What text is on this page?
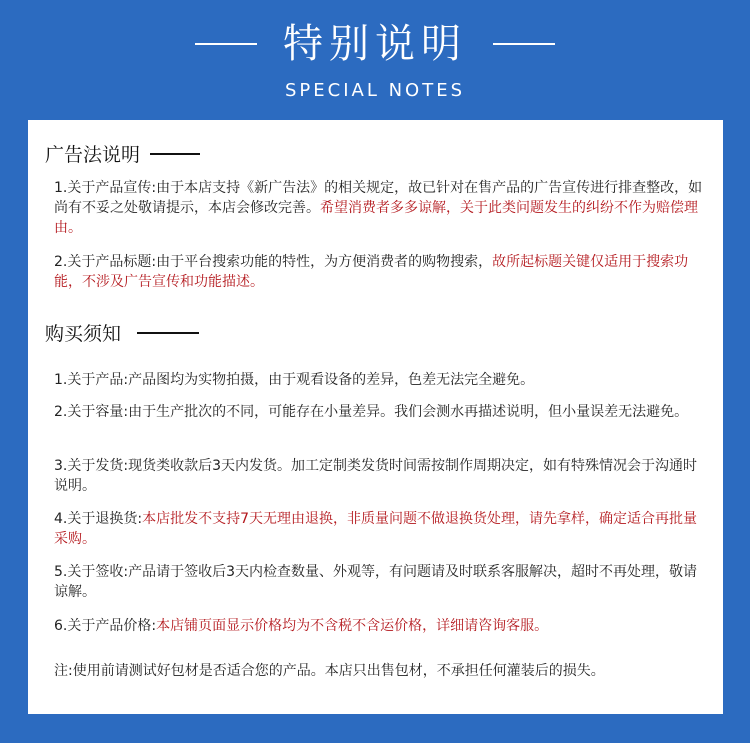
特别说明
SPECIAL NOTES
广告法说明
1.关于产品宣传:由于本店支持《新广告法》的相关规定，故已针对在售产品的广告宣传进行排查整改，如尚有不妥之处敬请提示，本店会修改完善。希望消费者多多谅解，关于此类问题发生的纠纷不作为赔偿理由。
2.关于产品标题:由于平台搜索功能的特性，为方便消费者的购物搜索，故所起标题关键仅适用于搜索功能，不涉及广告宣传和功能描述。
购买须知
1.关于产品:产品图均为实物拍摄，由于观看设备的差异，色差无法完全避免。
2.关于容量:由于生产批次的不同，可能存在小量差异。我们会测水再描述说明，但小量误差无法避免。
3.关于发货:现货类收款后3天内发货。加工定制类发货时间需按制作周期决定，如有特殊情况会于沟通时说明。
4.关于退换货:本店批发不支持7天无理由退换，非质量问题不做退换货处理，请先拿样，确定适合再批量采购。
5.关于签收:产品请于签收后3天内检查数量、外观等，有问题请及时联系客服解决，超时不再处理，敬请谅解。
6.关于产品价格:本店铺页面显示价格均为不含税不含运价格，详细请咨询客服。
注:使用前请测试好包材是否适合您的产品。本店只出售包材，不承担任何灌装后的损失。
